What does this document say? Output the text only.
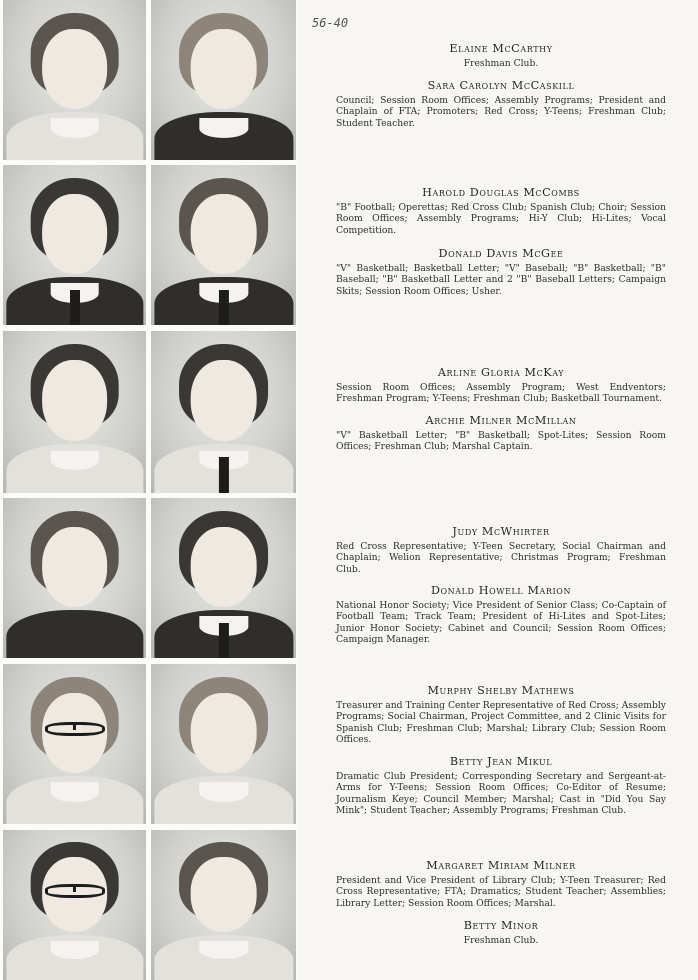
56-40

Elaine McCarthy

Freshman Club.

Sara Carolyn McCaskill

Council; Session Room Offices; Assembly Programs; President and Chaplain of FTA; Promoters; Red Cross; Y-Teens; Freshman Club; Student Teacher.

Harold Douglas McCombs

"B" Football; Operettas; Red Cross Club; Spanish Club; Choir; Session Room Offices; Assembly Programs; Hi-Y Club; Hi-Lites; Vocal Competition.

Donald Davis McGee

"V" Basketball; Basketball Letter; "V" Baseball; "B" Basketball; "B" Baseball; "B" Basketball Letter and 2 "B" Baseball Letters; Campaign Skits; Session Room Offices; Usher.

Arline Gloria McKay

Session Room Offices; Assembly Program; West Endventors; Freshman Program; Y-Teens; Freshman Club; Basketball Tournament.

Archie Milner McMillan

"V" Basketball Letter; "B" Basketball; Spot-Lites; Session Room Offices; Freshman Club; Marshal Captain.

Judy McWhirter

Red Cross Representative; Y-Teen Secretary, Social Chairman and Chaplain; Welion Representative; Christmas Program; Freshman Club.

Donald Howell Marion

National Honor Society; Vice President of Senior Class; Co-Captain of Football Team; Track Team; President of Hi-Lites and Spot-Lites; Junior Honor Society; Cabinet and Council; Session Room Offices; Campaign Manager.

Murphy Shelby Mathews

Treasurer and Training Center Representative of Red Cross; Assembly Programs; Social Chairman, Project Committee, and 2 Clinic Visits for Spanish Club; Freshman Club; Marshal; Library Club; Session Room Offices.

Betty Jean Mikul

Dramatic Club President; Corresponding Secretary and Sergeant-at-Arms for Y-Teens; Session Room Offices; Co-Editor of Resume; Journalism Keye; Council Member; Marshal; Cast in "Did You Say Mink"; Student Teacher; Assembly Programs; Freshman Club.

Margaret Miriam Milner

President and Vice President of Library Club; Y-Teen Treasurer; Red Cross Representative; FTA; Dramatics; Student Teacher; Assemblies; Library Letter; Session Room Offices; Marshal.

Betty Minor

Freshman Club.
